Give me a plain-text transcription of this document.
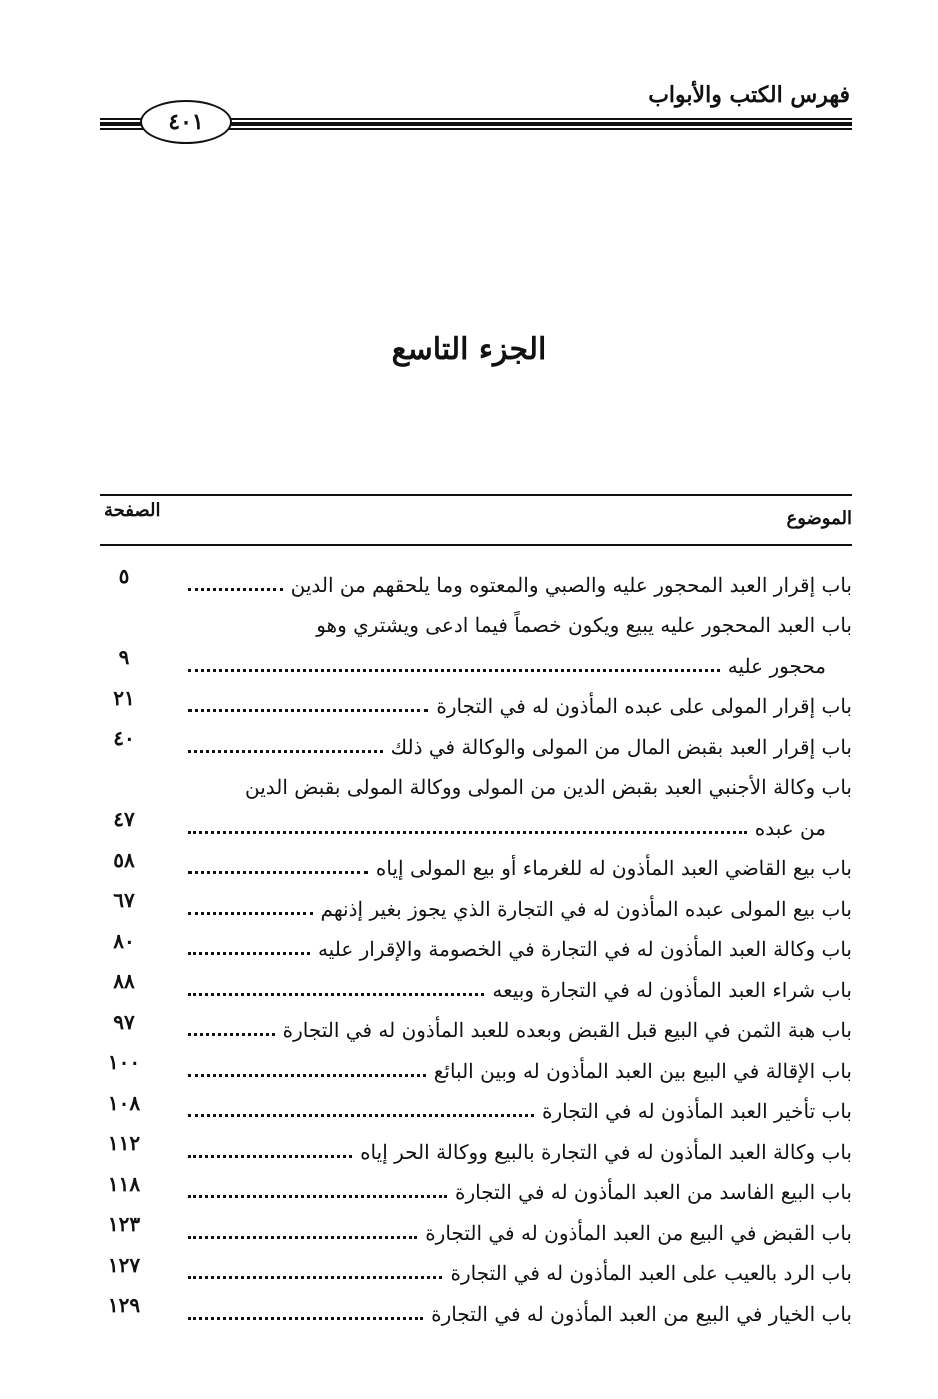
فهرس الكتب والأبواب
٤٠١
الجزء التاسع
الموضوع
الصفحة
باب إقرار العبد المحجور عليه والصبي والمعتوه وما يلحقهم من الدين
٥
باب العبد المحجور عليه يبيع ويكون خصماً فيما ادعى ويشتري وهو
محجور عليه
٩
باب إقرار المولى على عبده المأذون له في التجارة
٢١
باب إقرار العبد بقبض المال من المولى والوكالة في ذلك
٤٠
باب وكالة الأجنبي العبد بقبض الدين من المولى ووكالة المولى بقبض الدين
من عبده
٤٧
باب بيع القاضي العبد المأذون له للغرماء أو بيع المولى إياه
٥٨
باب بيع المولى عبده المأذون له في التجارة الذي يجوز بغير إذنهم
٦٧
باب وكالة العبد المأذون له في التجارة في الخصومة والإقرار عليه
٨٠
باب شراء العبد المأذون له في التجارة وبيعه
٨٨
باب هبة الثمن في البيع قبل القبض وبعده للعبد المأذون له في التجارة
٩٧
باب الإقالة في البيع بين العبد المأذون له وبين البائع
١٠٠
باب تأخير العبد المأذون له في التجارة
١٠٨
باب وكالة العبد المأذون له في التجارة بالبيع ووكالة الحر إياه
١١٢
باب البيع الفاسد من العبد المأذون له في التجارة
١١٨
باب القبض في البيع من العبد المأذون له في التجارة
١٢٣
باب الرد بالعيب على العبد المأذون له في التجارة
١٢٧
باب الخيار في البيع من العبد المأذون له في التجارة
١٢٩
